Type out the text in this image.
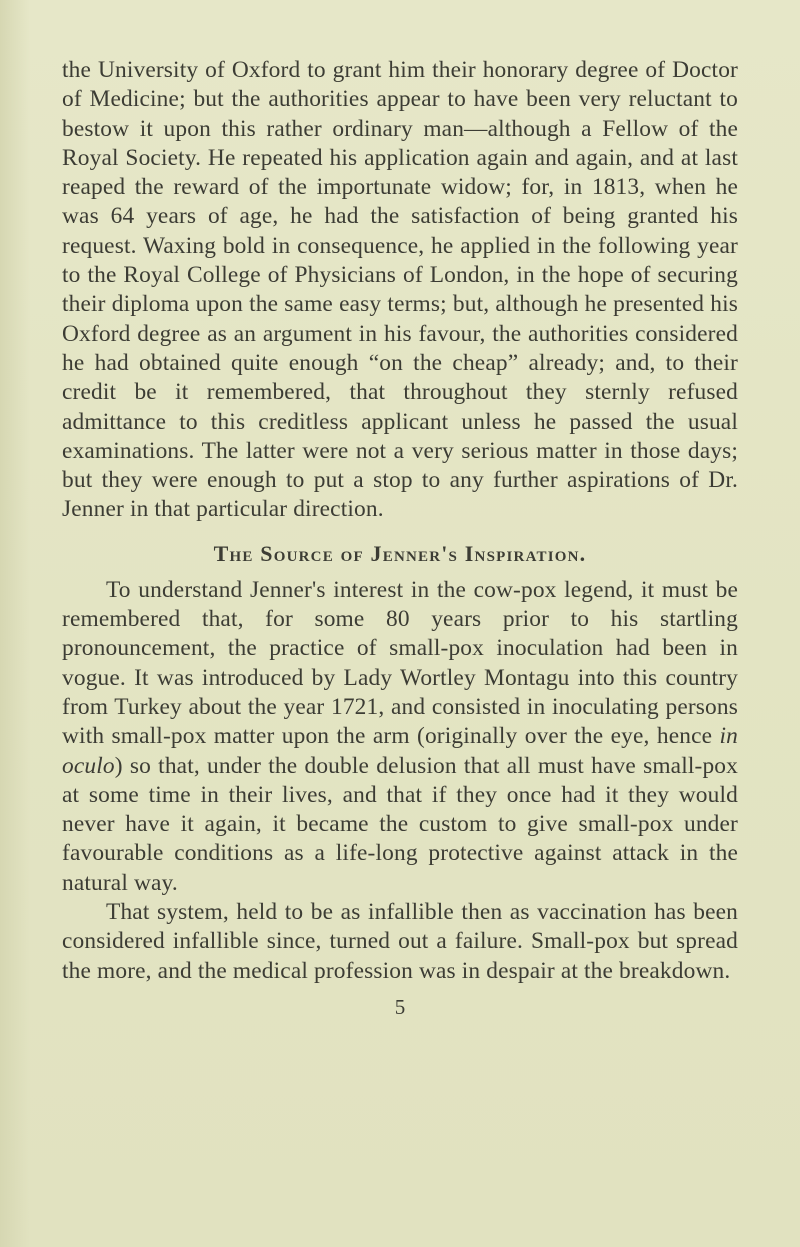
the University of Oxford to grant him their honorary degree of Doctor of Medicine; but the authorities appear to have been very reluctant to bestow it upon this rather ordinary man—although a Fellow of the Royal Society. He repeated his application again and again, and at last reaped the reward of the importunate widow; for, in 1813, when he was 64 years of age, he had the satisfaction of being granted his request. Waxing bold in consequence, he applied in the following year to the Royal College of Physicians of London, in the hope of securing their diploma upon the same easy terms; but, although he presented his Oxford degree as an argument in his favour, the authorities considered he had obtained quite enough “on the cheap” already; and, to their credit be it remembered, that throughout they sternly refused admittance to this creditless applicant unless he passed the usual examinations. The latter were not a very serious matter in those days; but they were enough to put a stop to any further aspirations of Dr. Jenner in that particular direction.

The Source of Jenner's Inspiration.

To understand Jenner's interest in the cow-pox legend, it must be remembered that, for some 80 years prior to his startling pronouncement, the practice of small-pox inoculation had been in vogue. It was introduced by Lady Wortley Montagu into this country from Turkey about the year 1721, and consisted in inoculating persons with small-pox matter upon the arm (originally over the eye, hence in oculo) so that, under the double delusion that all must have small-pox at some time in their lives, and that if they once had it they would never have it again, it became the custom to give small-pox under favourable conditions as a life-long protective against attack in the natural way.

That system, held to be as infallible then as vaccination has been considered infallible since, turned out a failure. Small-pox but spread the more, and the medical profession was in despair at the breakdown.

5
